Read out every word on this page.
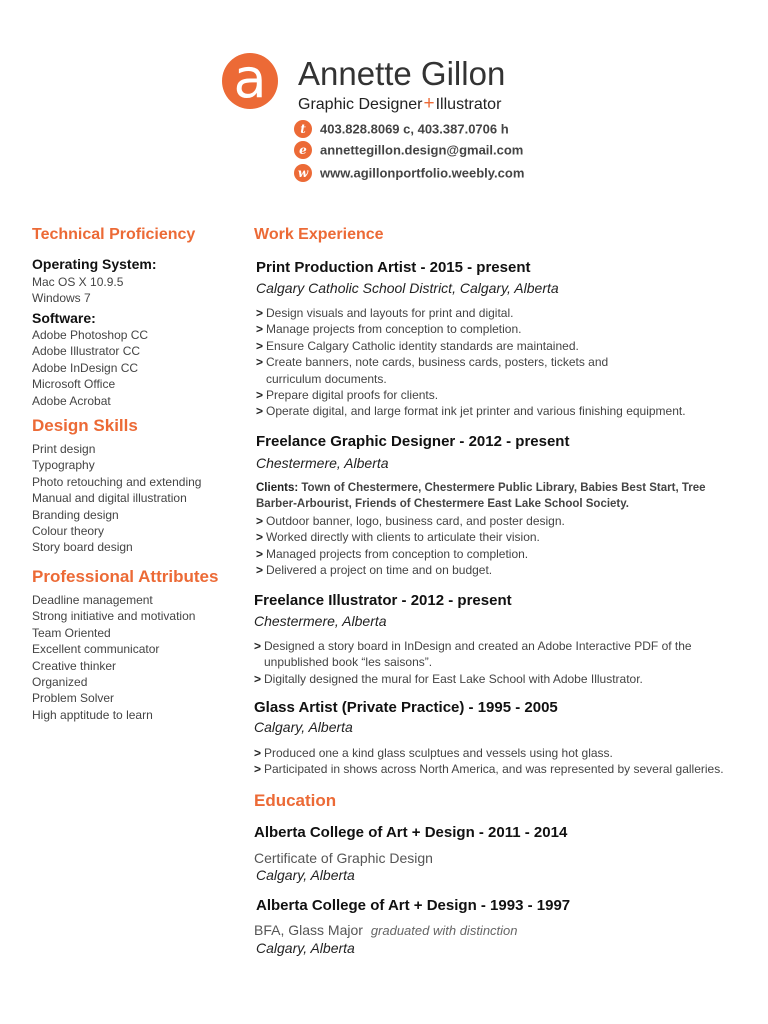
a Annette Gillon
Graphic Designer+Illustrator
t 403.828.8069 c, 403.387.0706 h
e annettegillon.design@gmail.com
w www.agillonportfolio.weebly.com
Technical Proficiency
Operating System:
Mac OS X 10.9.5
Windows 7
Software:
Adobe Photoshop CC
Adobe Illustrator CC
Adobe InDesign CC
Microsoft Office
Adobe Acrobat
Design Skills
Print design
Typography
Photo retouching and extending
Manual and digital illustration
Branding design
Colour theory
Story board design
Professional Attributes
Deadline management
Strong initiative and motivation
Team Oriented
Excellent communicator
Creative thinker
Organized
Problem Solver
High apptitude to learn
Work Experience
Print Production Artist - 2015 - present
Calgary Catholic School District, Calgary, Alberta
> Design visuals and layouts for print and digital.
> Manage projects from conception to completion.
> Ensure Calgary Catholic identity standards are maintained.
> Create banners, note cards, business cards, posters, tickets and curriculum documents.
> Prepare digital proofs for clients.
> Operate digital, and large format ink jet printer and various finishing equipment.
Freelance Graphic Designer - 2012 - present
Chestermere, Alberta
Clients: Town of Chestermere, Chestermere Public Library, Babies Best Start, Tree Barber-Arbourist, Friends of Chestermere East Lake School Society.
> Outdoor banner, logo, business card, and poster design.
> Worked directly with clients to articulate their vision.
> Managed projects from conception to completion.
> Delivered a project on time and on budget.
Freelance Illustrator - 2012 - present
Chestermere, Alberta
> Designed a story board in InDesign and created an Adobe Interactive PDF of the unpublished book “les saisons”.
> Digitally designed the mural for East Lake School with Adobe Illustrator.
Glass Artist (Private Practice) - 1995 - 2005
Calgary, Alberta
> Produced one a kind glass sculptues and vessels using hot glass.
> Participated in shows across North America, and was represented by several galleries.
Education
Alberta College of Art + Design - 2011 - 2014
Certificate of Graphic Design
Calgary, Alberta
Alberta College of Art + Design - 1993 - 1997
BFA, Glass Major graduated with distinction
Calgary, Alberta
